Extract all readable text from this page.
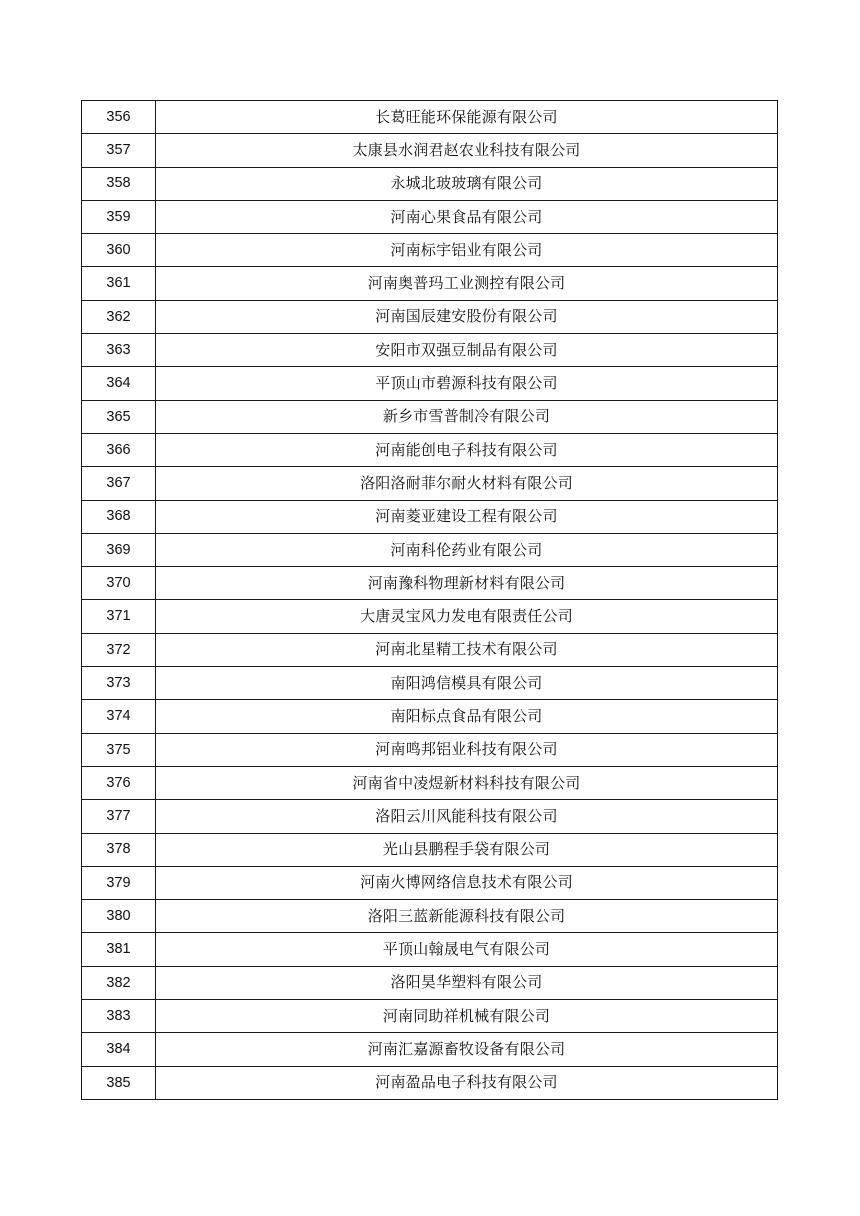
356	长葛旺能环保能源有限公司
357	太康县水润君赵农业科技有限公司
358	永城北玻玻璃有限公司
359	河南心果食品有限公司
360	河南标宇铝业有限公司
361	河南奥普玛工业测控有限公司
362	河南国辰建安股份有限公司
363	安阳市双强豆制品有限公司
364	平顶山市碧源科技有限公司
365	新乡市雪普制冷有限公司
366	河南能创电子科技有限公司
367	洛阳洛耐菲尔耐火材料有限公司
368	河南菱亚建设工程有限公司
369	河南科伦药业有限公司
370	河南豫科物理新材料有限公司
371	大唐灵宝风力发电有限责任公司
372	河南北星精工技术有限公司
373	南阳鸿信模具有限公司
374	南阳标点食品有限公司
375	河南鸣邦铝业科技有限公司
376	河南省中凌煜新材料科技有限公司
377	洛阳云川风能科技有限公司
378	光山县鹏程手袋有限公司
379	河南火博网络信息技术有限公司
380	洛阳三蓝新能源科技有限公司
381	平顶山翰晟电气有限公司
382	洛阳昊华塑料有限公司
383	河南同助祥机械有限公司
384	河南汇嘉源畜牧设备有限公司
385	河南盈品电子科技有限公司
